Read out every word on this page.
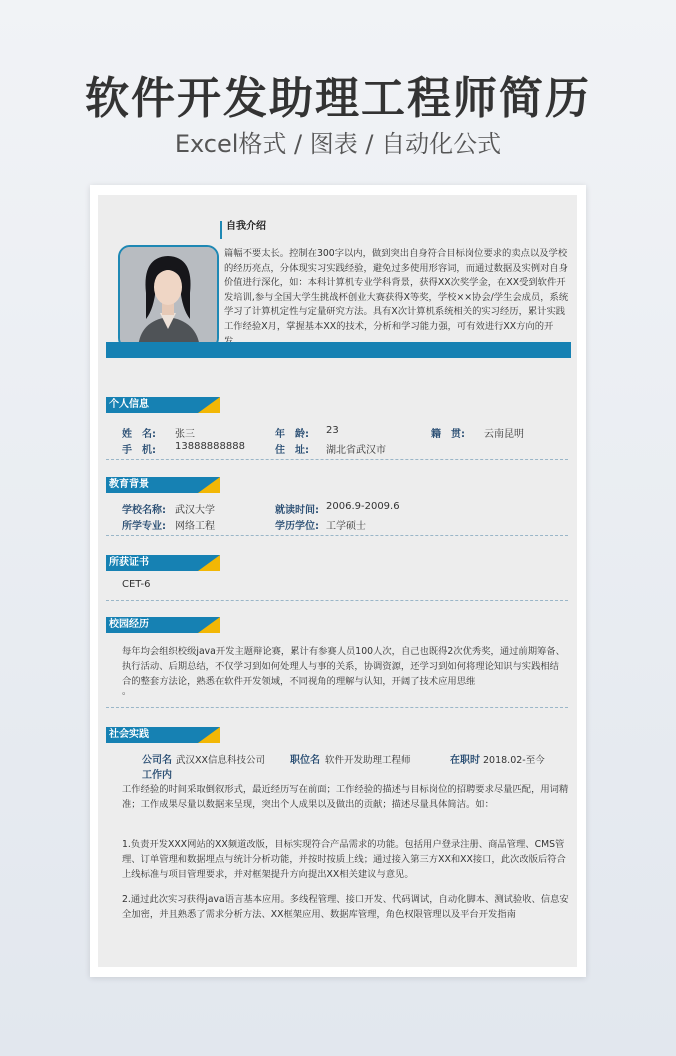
软件开发助理工程师简历
Excel格式 / 图表 / 自动化公式
自我介绍
篇幅不要太长。控制在300字以内，做到突出自身符合目标岗位要求的卖点以及学校的经历亮点，分体现实习实践经验，避免过多使用形容词，而通过数据及实例对自身价值进行深化，如：本科计算机专业学科背景，获得XX次奖学金，在XX受到软件开发培训,参与全国大学生挑战杯创业大赛获得X等奖，学校××协会/学生会成员，系统学习了计算机定性与定量研究方法。具有X次计算机系统相关的实习经历，累计实践工作经验X月，掌握基本XX的技术，分析和学习能力强，可有效进行XX方向的开
个人信息
姓　名: 张三	年　龄: 23	籍　贯: 云南昆明
手　机: 13888888888	住　址: 湖北省武汉市
教育背景
学校名称: 武汉大学	就读时间: 2006.9-2009.6
所学专业: 网络工程	学历学位: 工学硕士
所获证书
CET-6
校园经历
每年均会组织校级java开发主题辩论赛，累计有参赛人员100人次，自己也既得2次优秀奖，通过前期筹备、执行活动、后期总结，不仅学习到如何处理人与事的关系，协调资源，还学习到如何将理论知识与实践相结合的整套方法论，熟悉在软件开发领域，不同视角的理解与认知，开阔了技术应用思维
。
社会实践
公司名 武汉XX信息科技公司 职位名 软件开发助理工程师	在职时 2018.02-至今
工作内
工作经验的时间采取倒叙形式，最近经历写在前面；工作经验的描述与目标岗位的招聘要求尽量匹配，用词精准；工作成果尽量以数据来呈现，突出个人成果以及做出的贡献；描述尽量具体简洁。如：
1.负责开发XXX网站的XX频道改版，目标实现符合产品需求的功能。包括用户登录注册、商品管理、CMS管理、订单管理和数据埋点与统计分析功能，并按时按质上线；通过接入第三方XX和XX接口，此次改版后符合上线标准与项目管理要求，并对框架提升方向提出XX相关建议与意见。
2.通过此次实习获得java语言基本应用。多线程管理、接口开发、代码调试，自动化脚本、测试验收、信息安全加密，并且熟悉了需求分析方法、XX框架应用、数据库管理，角色权限管理以及平台开发指南
